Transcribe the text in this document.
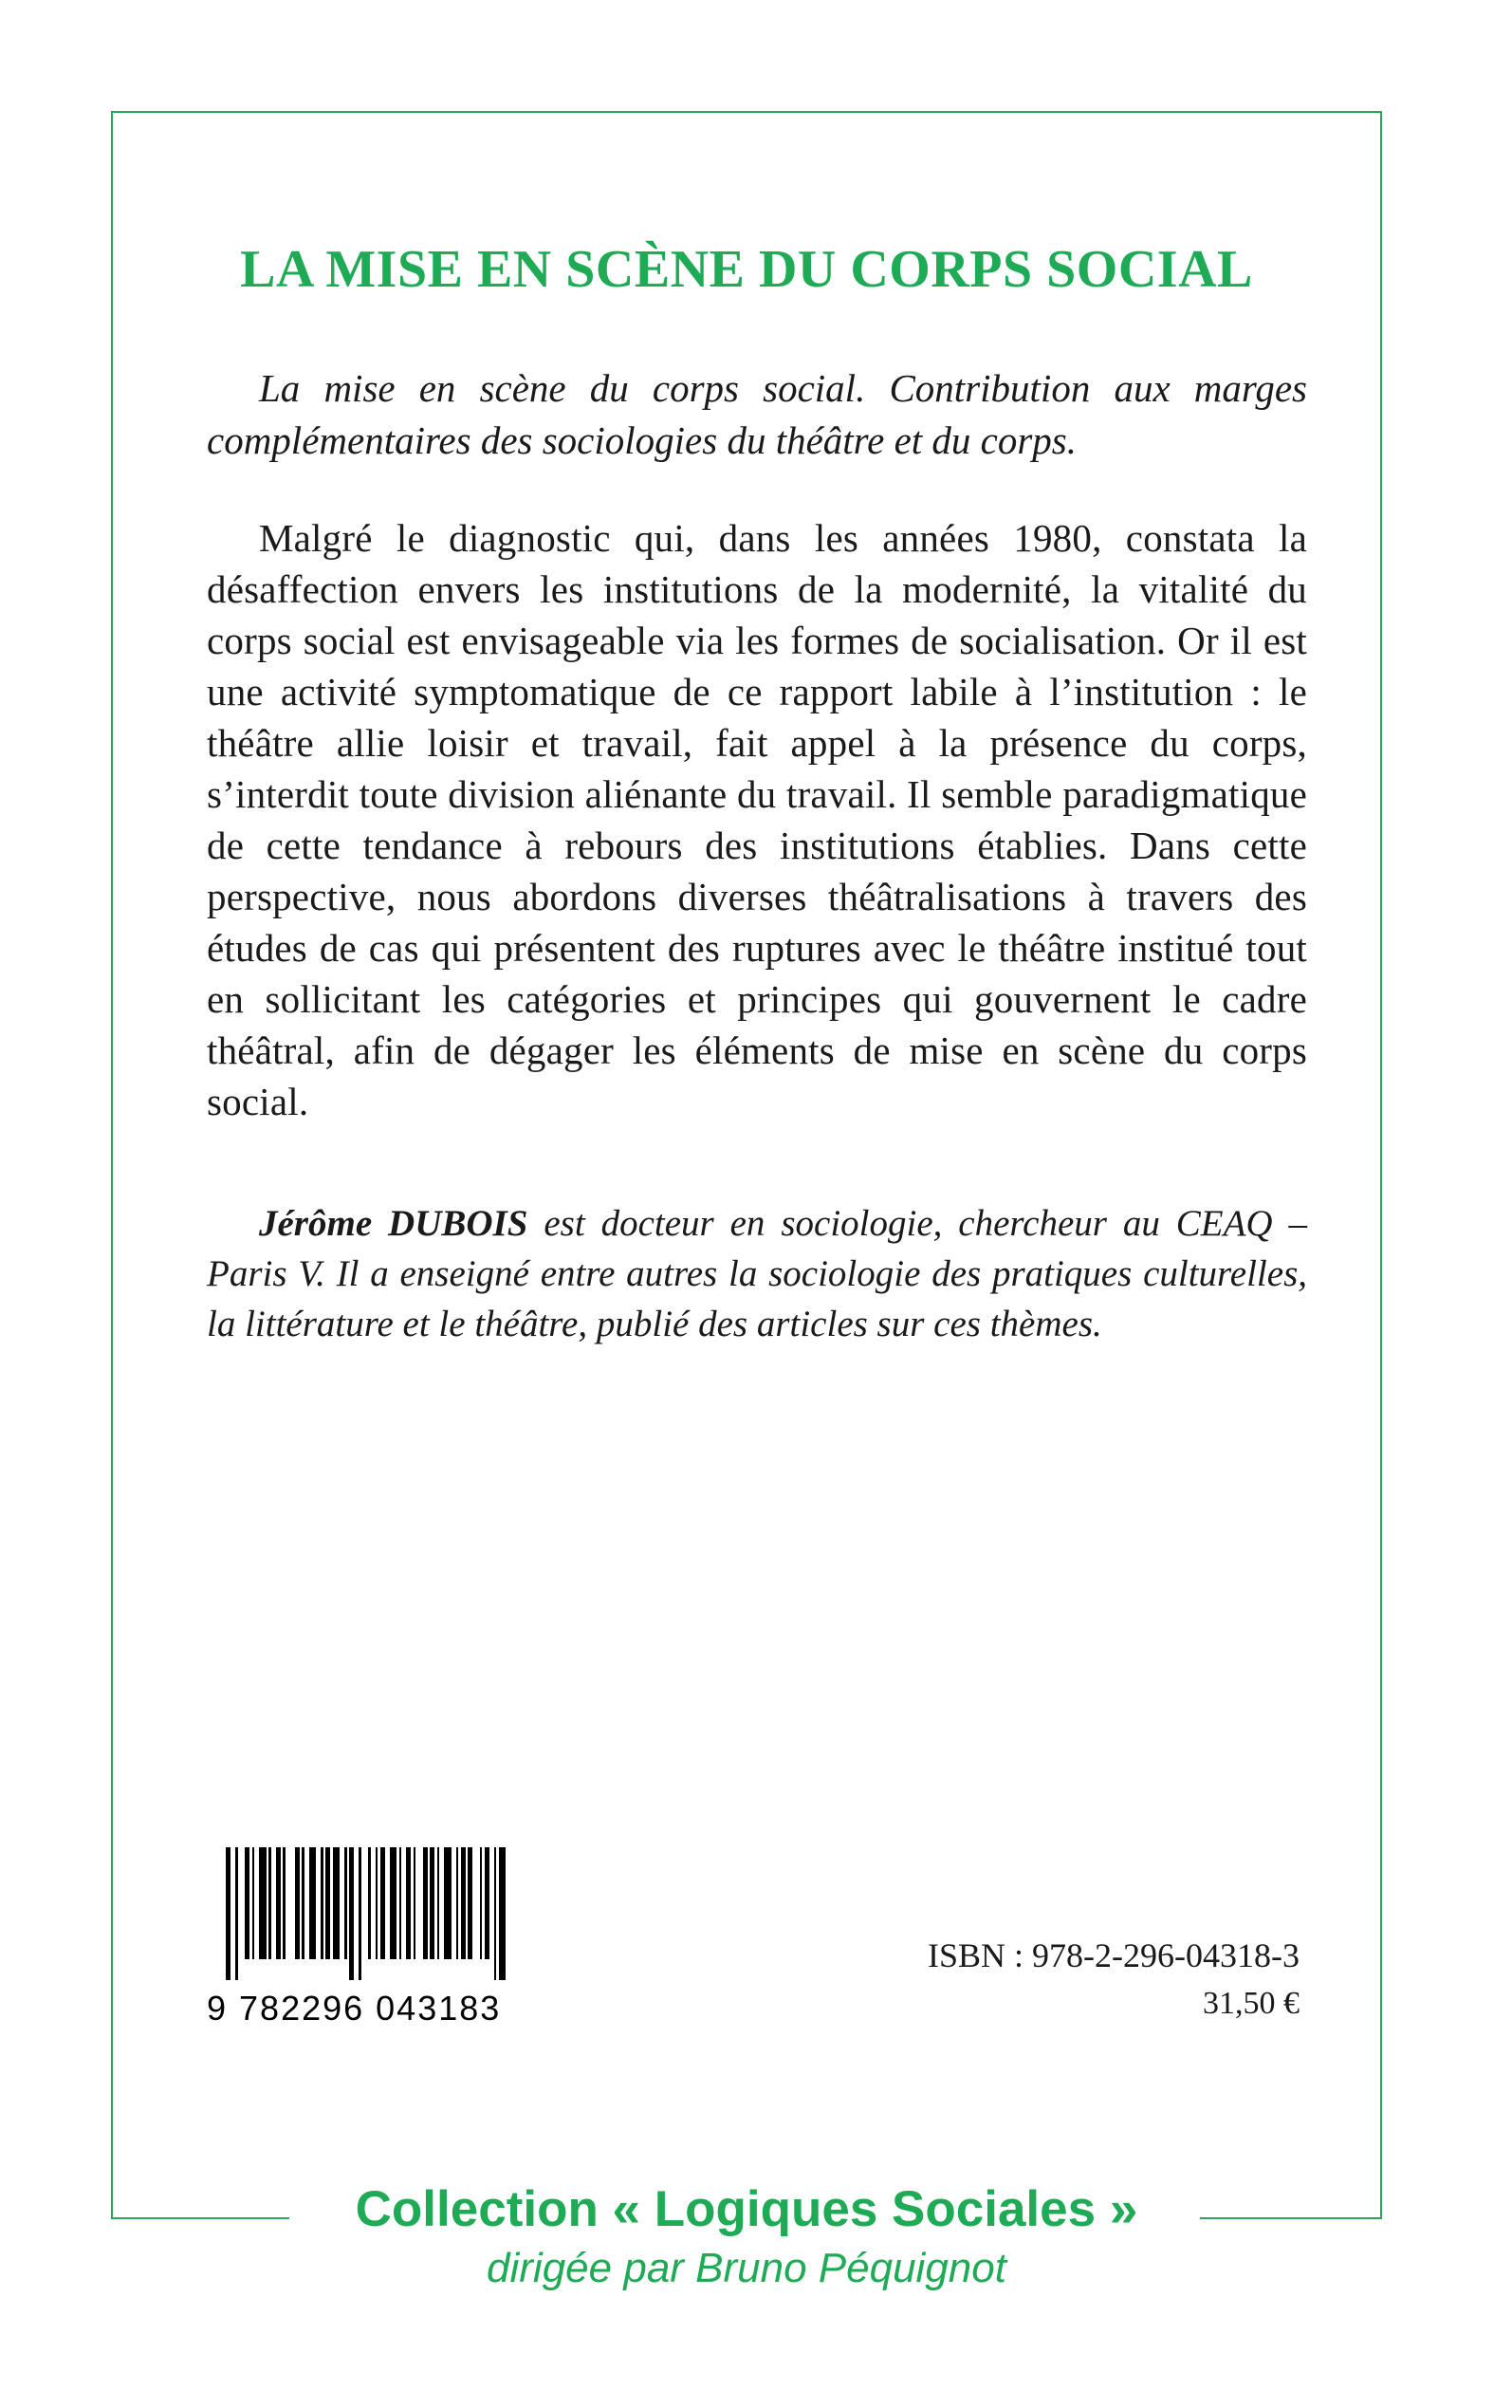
LA MISE EN SCÈNE DU CORPS SOCIAL
La mise en scène du corps social. Contribution aux marges complémentaires des sociologies du théâtre et du corps.
Malgré le diagnostic qui, dans les années 1980, constata la désaffection envers les institutions de la modernité, la vitalité du corps social est envisageable via les formes de socialisation. Or il est une activité symptomatique de ce rapport labile à l’institution : le théâtre allie loisir et travail, fait appel à la présence du corps, s’interdit toute division aliénante du travail. Il semble paradigmatique de cette tendance à rebours des institutions établies. Dans cette perspective, nous abordons diverses théâtralisations à travers des études de cas qui présentent des ruptures avec le théâtre institué tout en sollicitant les catégories et principes qui gouvernent le cadre théâtral, afin de dégager les éléments de mise en scène du corps social.
Jérôme DUBOIS est docteur en sociologie, chercheur au CEAQ – Paris V. Il a enseigné entre autres la sociologie des pratiques culturelles, la littérature et le théâtre, publié des articles sur ces thèmes.
9 782296 043183
ISBN : 978-2-296-04318-3
31,50 €
Collection « Logiques Sociales »
dirigée par Bruno Péquignot
